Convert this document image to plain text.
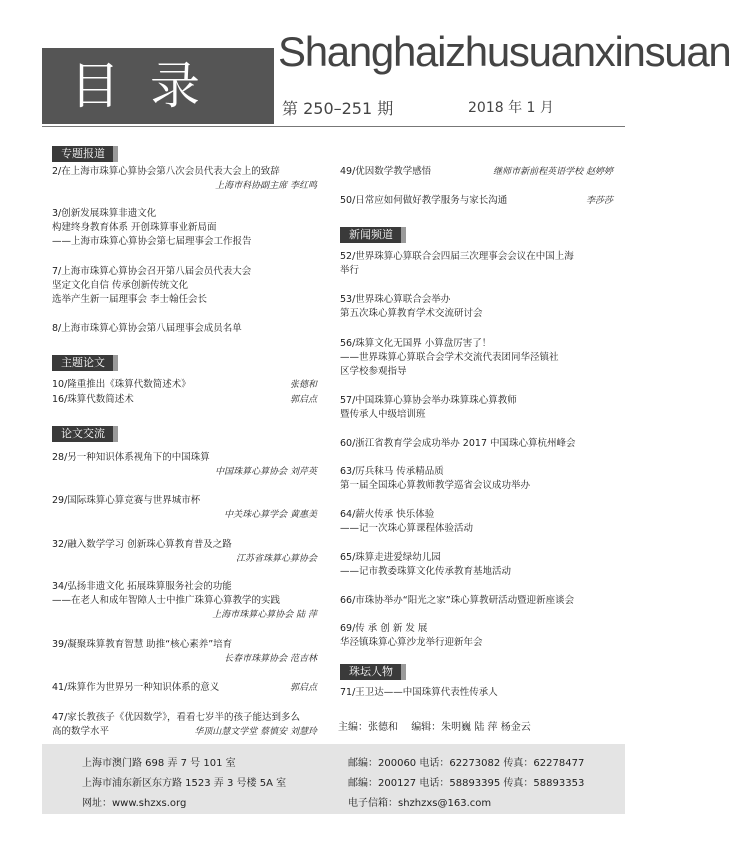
目 录
Shanghaizhusuanxinsuan
第 250–251 期	2018 年 1 月
专题报道
2/在上海市珠算心算协会第八次会员代表大会上的致辞
上海市科协副主席 李红鸣
3/创新发展珠算非遗文化
构建终身教育体系 开创珠算事业新局面
——上海市珠算心算协会第七届理事会工作报告
7/上海市珠算心算协会召开第八届会员代表大会
坚定文化自信 传承创新传统文化
选举产生新一届理事会 李士翰任会长
8/上海市珠算心算协会第八届理事会成员名单
主题论文
10/隆重推出《珠算代数简述术》	张德和
16/珠算代数简述术	郭启点
论文交流
28/另一种知识体系视角下的中国珠算
中国珠算心算协会 刘芹英
29/国际珠算心算竞赛与世界城市杯
中关珠心算学会 黄惠美
32/融入数学学习 创新珠心算教育普及之路
江苏省珠算心算协会
34/弘扬非遗文化 拓展珠算服务社会的功能
——在老人和成年智障人士中推广珠算心算教学的实践
上海市珠算心算协会 陆 萍
39/凝聚珠算教育智慧 助推“核心素养”培育
长春市珠算协会 范吉林
41/珠算作为世界另一种知识体系的意义	郭启点
47/家长教孩子《优因数学》，看看七岁半的孩子能达到多么
高的数学水平	华顶山慧文学堂 蔡慎安 刘慧玲
49/优因数学教学感悟	继师市新前程英语学校 赵婷婷
50/日常应如何做好教学服务与家长沟通	李莎莎
新闻频道
52/世界珠算心算联合会四届三次理事会会议在中国上海
举行
53/世界珠心算联合会举办
第五次珠心算教育学术交流研讨会
56/珠算文化无国界 小算盘厉害了！
——世界珠算心算联合会学术交流代表团同华泾镇社
区学校参观指导
57/中国珠算心算协会举办珠算珠心算教师
暨传承人中级培训班
60/浙江省教育学会成功举办 2017 中国珠心算杭州峰会
63/厉兵秣马 传承精品质
第一届全国珠心算教师教学巡省会议成功举办
64/薪火传承 快乐体验
——记一次珠心算课程体验活动
65/珠算走进爱绿幼儿园
——记市教委珠算文化传承教育基地活动
66/市珠协举办“阳光之家”珠心算教研活动暨迎新座谈会
69/传 承 创 新 发 展
华泾镇珠算心算沙龙举行迎新年会
珠坛人物
71/王卫达——中国珠算代表性传承人
主编：张德和 编辑：朱明巍 陆 萍 杨金云
上海市澳门路 698 弄 7 号 101 室
上海市浦东新区东方路 1523 弄 3 号楼 5A 室
网址：www.shzxs.org
邮编：200060 电话：62273082 传真：62278477
邮编：200127 电话：58893395 传真：58893353
电子信箱：shzhzxs@163.com
